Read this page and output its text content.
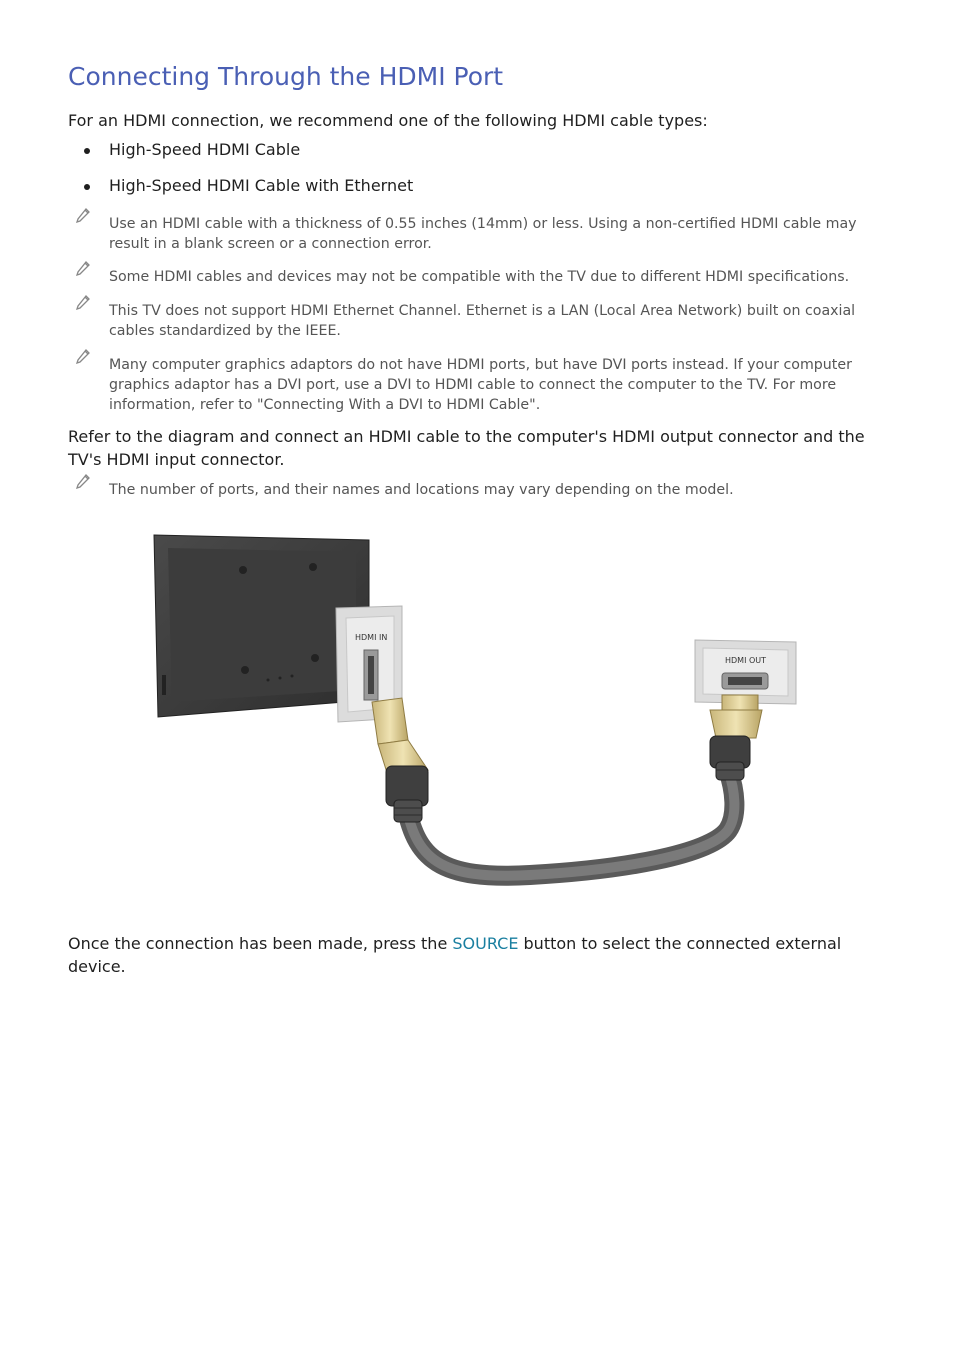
Connecting Through the HDMI Port

For an HDMI connection, we recommend one of the following HDMI cable types:

High-Speed HDMI Cable
High-Speed HDMI Cable with Ethernet
Use an HDMI cable with a thickness of 0.55 inches (14mm) or less. Using a non-certified HDMI cable may result in a blank screen or a connection error.
Some HDMI cables and devices may not be compatible with the TV due to different HDMI specifications.
This TV does not support HDMI Ethernet Channel. Ethernet is a LAN (Local Area Network) built on coaxial cables standardized by the IEEE.
Many computer graphics adaptors do not have HDMI ports, but have DVI ports instead. If your computer graphics adaptor has a DVI port, use a DVI to HDMI cable to connect the computer to the TV. For more information, refer to "Connecting With a DVI to HDMI Cable".

Refer to the diagram and connect an HDMI cable to the computer's HDMI output connector and the TV's HDMI input connector.

The number of ports, and their names and locations may vary depending on the model.
HDMI IN
HDMI OUT

Once the connection has been made, press the SOURCE button to select the connected external device.
